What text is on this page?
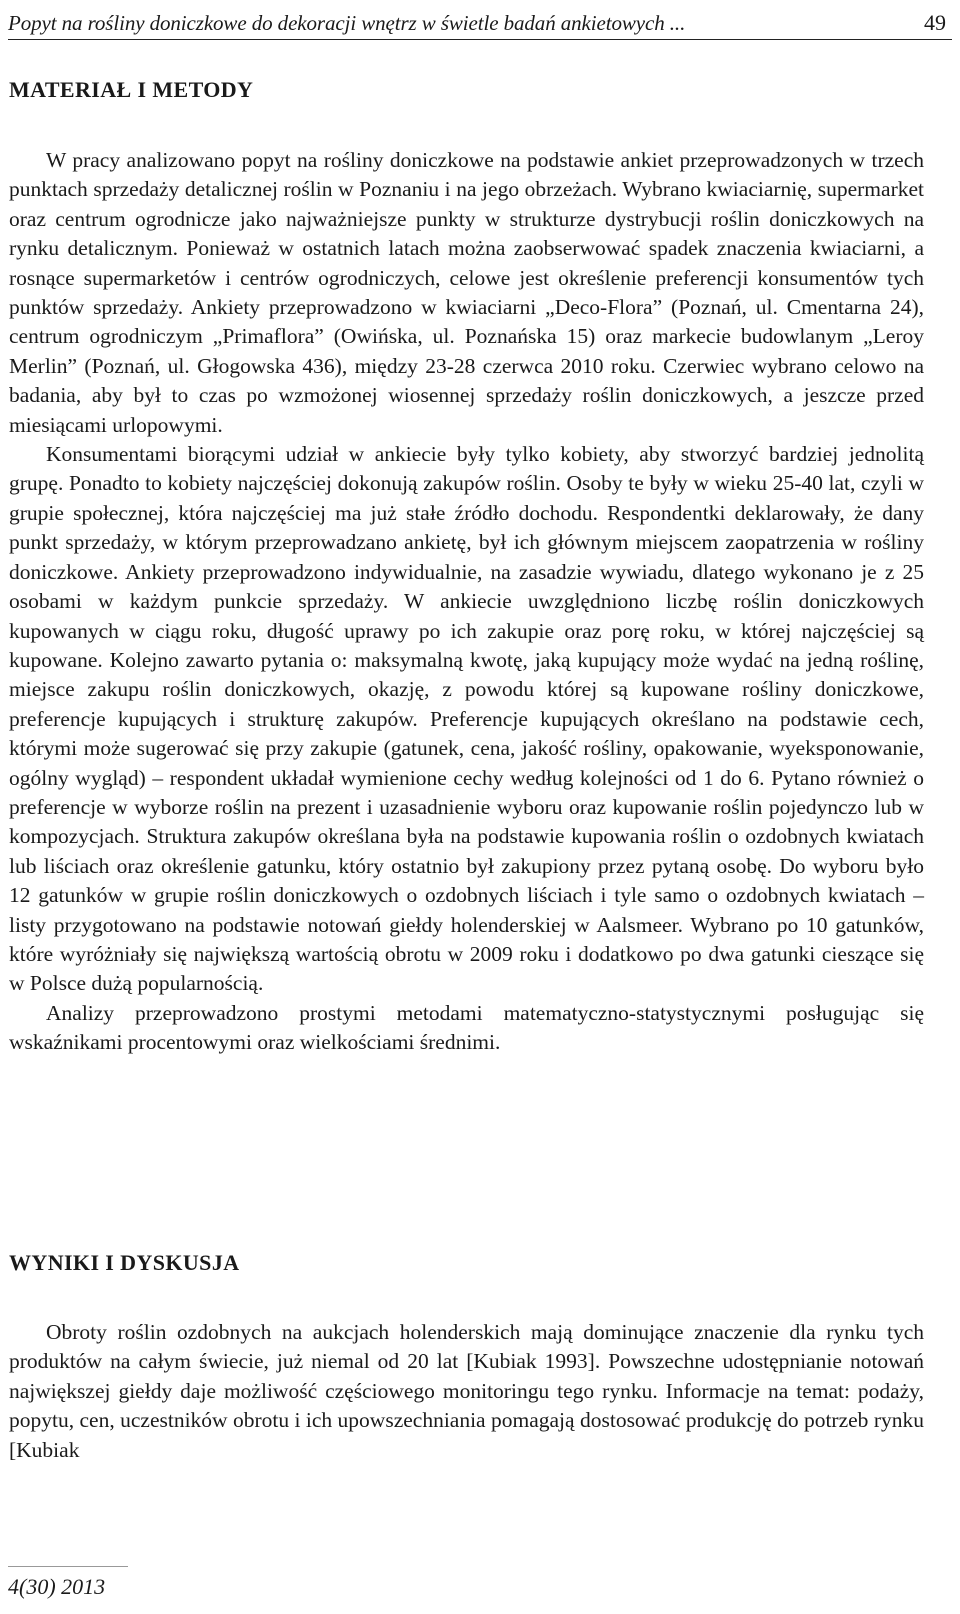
Popyt na rośliny doniczkowe do dekoracji wnętrz w świetle badań ankietowych ...	49
MATERIAŁ I METODY

W pracy analizowano popyt na rośliny doniczkowe na podstawie ankiet przeprowadzonych w trzech punktach sprzedaży detalicznej roślin w Poznaniu i na jego obrzeżach. Wybrano kwiaciarnię, supermarket oraz centrum ogrodnicze jako najważniejsze punkty w strukturze dystrybucji roślin doniczkowych na rynku detalicznym. Ponieważ w ostatnich latach można zaobserwować spadek znaczenia kwiaciarni, a rosnące supermarketów i centrów ogrodniczych, celowe jest określenie preferencji konsumentów tych punktów sprzedaży. Ankiety przeprowadzono w kwiaciarni „Deco-Flora” (Poznań, ul. Cmentarna 24), centrum ogrodniczym „Primaflora” (Owińska, ul. Poznańska 15) oraz markecie budowlanym „Leroy Merlin” (Poznań, ul. Głogowska 436), między 23-28 czerwca 2010 roku. Czerwiec wybrano celowo na badania, aby był to czas po wzmożonej wiosennej sprzedaży roślin doniczkowych, a jeszcze przed miesiącami urlopowymi.

Konsumentami biorącymi udział w ankiecie były tylko kobiety, aby stworzyć bardziej jednolitą grupę. Ponadto to kobiety najczęściej dokonują zakupów roślin. Osoby te były w wieku 25-40 lat, czyli w grupie społecznej, która najczęściej ma już stałe źródło dochodu. Respondentki deklarowały, że dany punkt sprzedaży, w którym przeprowadzano ankietę, był ich głównym miejscem zaopatrzenia w rośliny doniczkowe. Ankiety przeprowadzono indywidualnie, na zasadzie wywiadu, dlatego wykonano je z 25 osobami w każdym punkcie sprzedaży. W ankiecie uwzględniono liczbę roślin doniczkowych kupowanych w ciągu roku, długość uprawy po ich zakupie oraz porę roku, w której najczęściej są kupowane. Kolejno zawarto pytania o: maksymalną kwotę, jaką kupujący może wydać na jedną roślinę, miejsce zakupu roślin doniczkowych, okazję, z powodu której są kupowane rośliny doniczkowe, preferencje kupujących i strukturę zakupów. Preferencje kupujących określano na podstawie cech, którymi może sugerować się przy zakupie (gatunek, cena, jakość rośliny, opakowanie, wyeksponowanie, ogólny wygląd) – respondent układał wymienione cechy według kolejności od 1 do 6. Pytano również o preferencje w wyborze roślin na prezent i uzasadnienie wyboru oraz kupowanie roślin pojedynczo lub w kompozycjach. Struktura zakupów określana była na podstawie kupowania roślin o ozdobnych kwiatach lub liściach oraz określenie gatunku, który ostatnio był zakupiony przez pytaną osobę. Do wyboru było 12 gatunków w grupie roślin doniczkowych o ozdobnych liściach i tyle samo o ozdobnych kwiatach – listy przygotowano na podstawie notowań giełdy holenderskiej w Aalsmeer. Wybrano po 10 gatunków, które wyróżniały się największą wartością obrotu w 2009 roku i dodatkowo po dwa gatunki cieszące się w Polsce dużą popularnością.

Analizy przeprowadzono prostymi metodami matematyczno-statystycznymi posługując się wskaźnikami procentowymi oraz wielkościami średnimi.

WYNIKI I DYSKUSJA

Obroty roślin ozdobnych na aukcjach holenderskich mają dominujące znaczenie dla rynku tych produktów na całym świecie, już niemal od 20 lat [Kubiak 1993]. Powszechne udostępnianie notowań największej giełdy daje możliwość częściowego monitoringu tego rynku. Informacje na temat: podaży, popytu, cen, uczestników obrotu i ich upowszechniania pomagają dostosować produkcję do potrzeb rynku [Kubiak

4(30) 2013
